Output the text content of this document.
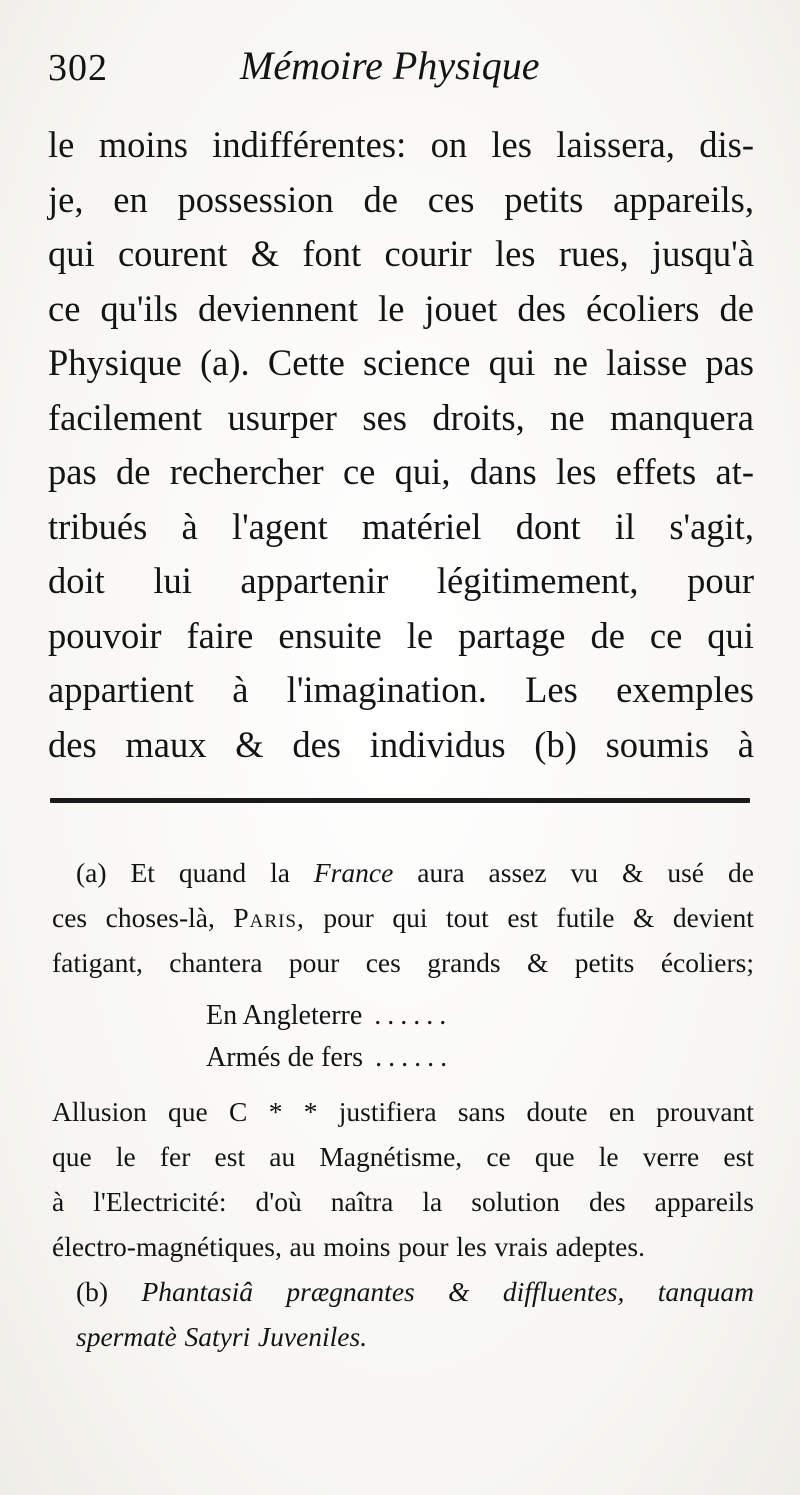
302	Mémoire Physique
le moins indifférentes: on les laissera, dis-
je, en possession de ces petits appareils,
qui courent & font courir les rues, jusqu'à
ce qu'ils deviennent le jouet des écoliers de
Physique (a). Cette science qui ne laisse pas
facilement usurper ses droits, ne manquera
pas de rechercher ce qui, dans les effets at-
tribués à l'agent matériel dont il s'agit,
doit lui appartenir légitimement, pour
pouvoir faire ensuite le partage de ce qui
appartient à l'imagination. Les exemples
des maux & des individus (b) soumis à
(a) Et quand la France aura assez vu & usé de
ces choses-là, Paris, pour qui tout est futile & devient
fatigant, chantera pour ces grands & petits écoliers;
En Angleterre ......
Armés de fers ......
Allusion que C * * justifiera sans doute en prouvant
que le fer est au Magnétisme, ce que le verre est
à l'Electricité: d'où naîtra la solution des appareils
électro-magnétiques, au moins pour les vrais adeptes.
(b) Phantasiâ prægnantes & diffluentes, tanquam
spermatè Satyri Juveniles.
